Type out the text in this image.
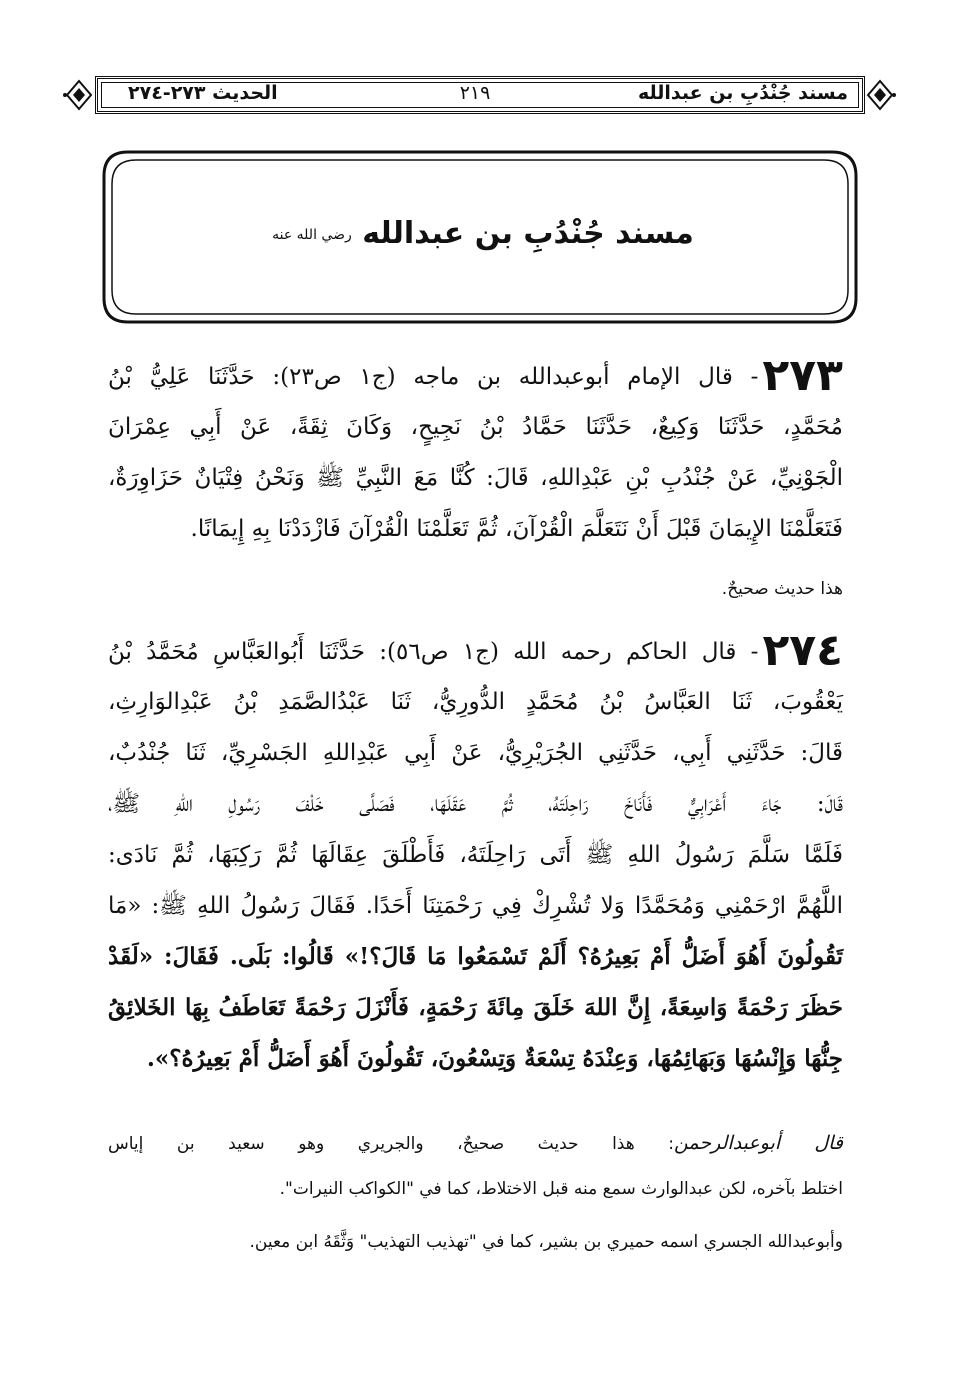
مسند جُنْدُبِ بن عبدالله
٢١٩
الحديث ٢٧٣-٢٧٤
مسند جُنْدُبِ بن عبدالله رضي الله عنه
٢٧٣- قال الإمام أبوعبدالله بن ماجه (ج١ ص٢٣): حَدَّثَنَا عَلِيُّ بْنُ
مُحَمَّدٍ، حَدَّثَنَا وَكِيعٌ، حَدَّثَنَا حَمَّادُ بْنُ نَجِيحٍ، وَكَانَ ثِقَةً، عَنْ أَبِي عِمْرَانَ
الْجَوْنِيِّ، عَنْ جُنْدُبِ بْنِ عَبْدِاللهِ، قَالَ: كُنَّا مَعَ النَّبِيِّ ﷺ وَنَحْنُ فِتْيَانٌ حَزَاوِرَةٌ،
فَتَعَلَّمْنَا الإِيمَانَ قَبْلَ أَنْ نَتَعَلَّمَ الْقُرْآنَ، ثُمَّ تَعَلَّمْنَا الْقُرْآنَ فَازْدَدْنَا بِهِ إِيمَانًا.
هذا حديث صحيحٌ.
٢٧٤- قال الحاكم رحمه الله (ج١ ص٥٦): حَدَّثَنَا أَبُوالعَبَّاسِ مُحَمَّدُ بْنُ
يَعْقُوبَ، ثَنَا العَبَّاسُ بْنُ مُحَمَّدٍ الدُّورِيُّ، ثَنَا عَبْدُالصَّمَدِ بْنُ عَبْدِالوَارِثِ،
قَالَ: حَدَّثَنِي أَبِي، حَدَّثَنِي الجُرَيْرِيُّ، عَنْ أَبِي عَبْدِاللهِ الجَسْرِيِّ، ثَنَا جُنْدُبٌ،
قَالَ: جَاءَ أَعْرَابِيٌّ فَأَنَاخَ رَاحِلَتَهُ، ثُمَّ عَقَلَهَا، فَصَلَّى خَلْفَ رَسُولِ اللهِ ﷺ،
فَلَمَّا سَلَّمَ رَسُولُ اللهِ ﷺ أَتَى رَاحِلَتَهُ، فَأَطْلَقَ عِقَالَهَا ثُمَّ رَكِبَهَا، ثُمَّ نَادَى:
اللَّهُمَّ ارْحَمْنِي وَمُحَمَّدًا وَلا تُشْرِكْ فِي رَحْمَتِنَا أَحَدًا. فَقَالَ رَسُولُ اللهِ ﷺ: «مَا
تَقُولُونَ أَهُوَ أَضَلُّ أَمْ بَعِيرُهُ؟ أَلَمْ تَسْمَعُوا مَا قَالَ؟!» قَالُوا: بَلَى. فَقَالَ: «لَقَدْ
حَظَرَ رَحْمَةً وَاسِعَةً، إِنَّ اللهَ خَلَقَ مِائَةَ رَحْمَةٍ، فَأَنْزَلَ رَحْمَةً تَعَاطَفُ بِهَا الخَلائِقُ
جِنُّهَا وَإِنْسُهَا وَبَهَائِمُهَا، وَعِنْدَهُ تِسْعَةٌ وَتِسْعُونَ، تَقُولُونَ أَهُوَ أَضَلُّ أَمْ بَعِيرُهُ؟».
قال أبوعبدالرحمن: هذا حديث صحيحٌ، والجريري وهو سعيد بن إياس
اختلط بآخره، لكن عبدالوارث سمع منه قبل الاختلاط، كما في "الكواكب النيرات".
وأبوعبدالله الجسري اسمه حميري بن بشير، كما في "تهذيب التهذيب" وَثَّقَهُ ابن معين.
